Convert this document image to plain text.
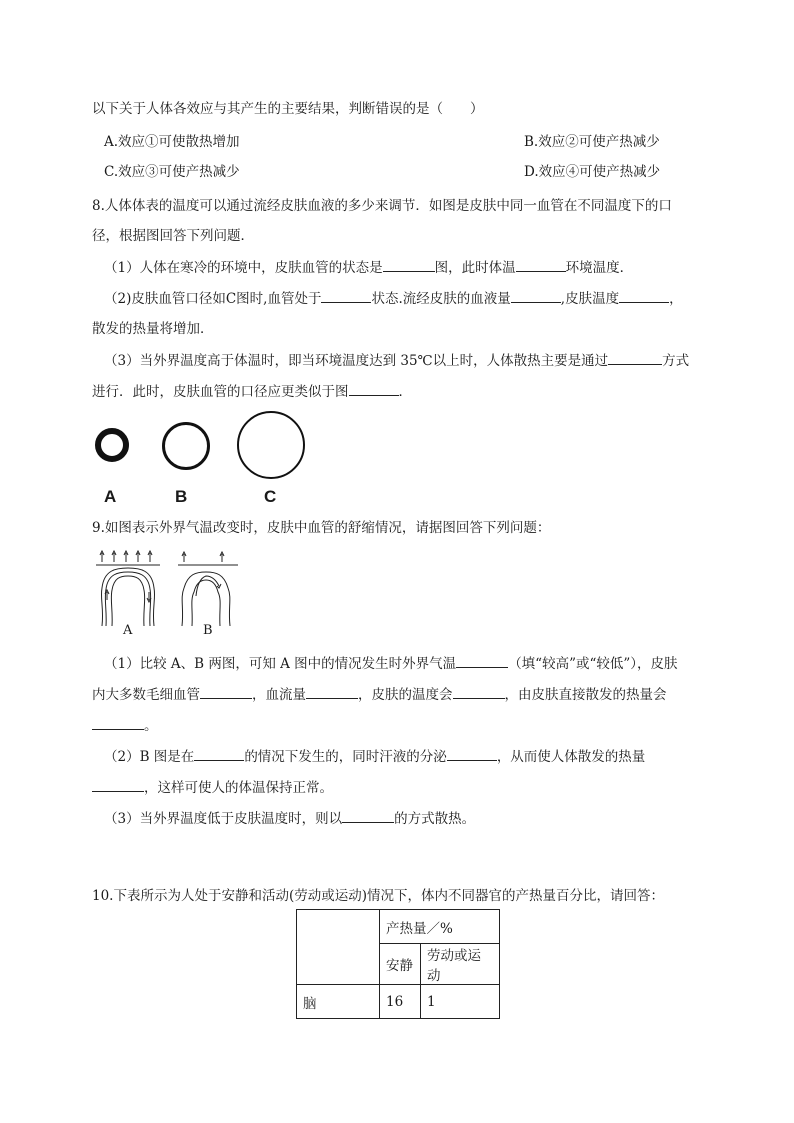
以下关于人体各效应与其产生的主要结果，判断错误的是（　　）
A.效应①可使散热增加	B.效应②可使产热减少
C.效应③可使产热减少	D.效应④可使产热减少
8.人体体表的温度可以通过流经皮肤血液的多少来调节．如图是皮肤中同一血管在不同温度下的口
径，根据图回答下列问题．
（1）人体在寒冷的环境中，皮肤血管的状态是	图，此时体温	环境温度．
（2)皮肤血管口径如C图时,血管处于	状态.流经皮肤的血液量	,皮肤温度	，
散发的热量将增加．
（3）当外界温度高于体温时，即当环境温度达到 35℃以上时，人体散热主要是通过	方式
进行．此时，皮肤血管的口径应更类似于图	．
A	B	C
9.如图表示外界气温改变时，皮肤中血管的舒缩情况，请据图回答下列问题：
A	B
（1）比较 A、B 两图，可知 A 图中的情况发生时外界气温	（填“较高”或“较低”），皮肤
内大多数毛细血管	，血流量	，皮肤的温度会	，由皮肤直接散发的热量会
。
（2）B 图是在	的情况下发生的，同时汗液的分泌	，从而使人体散发的热量
，这样可使人的体温保持正常。
（3）当外界温度低于皮肤温度时，则以	的方式散热。
10.下表所示为人处于安静和活动(劳动或运动)情况下，体内不同器官的产热量百分比，请回答：
	产热量／%	
	安静	劳动或运动
脑	16	1
